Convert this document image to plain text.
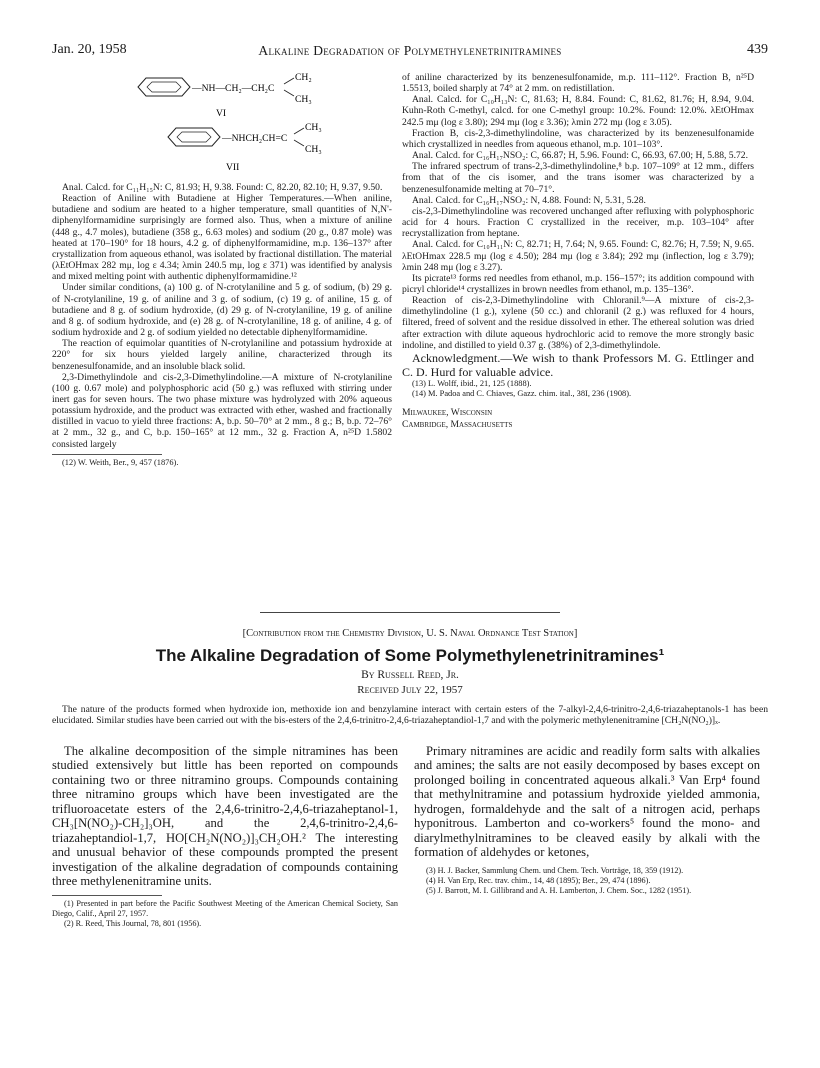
Jan. 20, 1958	Alkaline Degradation of Polymethylenetrinitramines	439
—NH—CH₂—CH₂C
CH₂
CH₃
VI
—NHCH₂CH=C
CH₃
CH₃
VII

Anal. Calcd. for C₁₁H₁₅N: C, 81.93; H, 9.38. Found: C, 82.20, 82.10; H, 9.37, 9.50.

Reaction of Aniline with Butadiene at Higher Temperatures.—When aniline, butadiene and sodium are heated to a higher temperature, small quantities of N,N'-diphenylformamidine surprisingly are formed also. Thus, when a mixture of aniline (448 g., 4.7 moles), butadiene (358 g., 6.63 moles) and sodium (20 g., 0.87 mole) was heated at 170–190° for 18 hours, 4.2 g. of diphenylformamidine, m.p. 136–137° after crystallization from aqueous ethanol, was isolated by fractional distillation. The material (λEtOHmax 282 mμ, log ε 4.34; λmin 240.5 mμ, log ε 371) was identified by analysis and mixed melting point with authentic diphenylformamidine.¹²

Under similar conditions, (a) 100 g. of N-crotylaniline and 5 g. of sodium, (b) 29 g. of N-crotylaniline, 19 g. of aniline and 3 g. of sodium, (c) 19 g. of aniline, 15 g. of butadiene and 8 g. of sodium hydroxide, (d) 29 g. of N-crotylaniline, 19 g. of aniline and 8 g. of sodium hydroxide, and (e) 28 g. of N-crotylaniline, 18 g. of aniline, 4 g. of sodium hydroxide and 2 g. of sodium yielded no detectable diphenylformamidine.

The reaction of equimolar quantities of N-crotylaniline and potassium hydroxide at 220° for six hours yielded largely aniline, characterized through its benzenesulfonamide, and an insoluble black solid.

2,3-Dimethylindole and cis-2,3-Dimethylindoline.—A mixture of N-crotylaniline (100 g. 0.67 mole) and polyphosphoric acid (50 g.) was refluxed with stirring under inert gas for seven hours. The two phase mixture was hydrolyzed with 20% aqueous potassium hydroxide, and the product was extracted with ether, washed and fractionally distilled in vacuo to yield three fractions: A, b.p. 50–70° at 2 mm., 8 g.; B, b.p. 72–76° at 2 mm., 32 g., and C, b.p. 150–165° at 12 mm., 32 g. Fraction A, n²⁵D 1.5802 consisted largely

(12) W. Weith, Ber., 9, 457 (1876).

of aniline characterized by its benzenesulfonamide, m.p. 111–112°. Fraction B, n²⁵D 1.5513, boiled sharply at 74° at 2 mm. on redistillation.

Anal. Calcd. for C₁₀H₁₃N: C, 81.63; H, 8.84. Found: C, 81.62, 81.76; H, 8.94, 9.04. Kuhn-Roth C-methyl, calcd. for one C-methyl group: 10.2%. Found: 12.0%. λEtOHmax 242.5 mμ (log ε 3.80); 294 mμ (log ε 3.36); λmin 272 mμ (log ε 3.05).

Fraction B, cis-2,3-dimethylindoline, was characterized by its benzenesulfonamide which crystallized in needles from aqueous ethanol, m.p. 101–103°.

Anal. Calcd. for C₁₆H₁₇NSO₂: C, 66.87; H, 5.96. Found: C, 66.93, 67.00; H, 5.88, 5.72.

The infrared spectrum of trans-2,3-dimethylindoline,⁸ b.p. 107–109° at 12 mm., differs from that of the cis isomer, and the trans isomer was characterized by a benzenesulfonamide melting at 70–71°.

Anal. Calcd. for C₁₆H₁₇NSO₂: N, 4.88. Found: N, 5.31, 5.28.

cis-2,3-Dimethylindoline was recovered unchanged after refluxing with polyphosphoric acid for 4 hours. Fraction C crystallized in the receiver, m.p. 103–104° after recrystallization from heptane.

Anal. Calcd. for C₁₀H₁₁N: C, 82.71; H, 7.64; N, 9.65. Found: C, 82.76; H, 7.59; N, 9.65. λEtOHmax 228.5 mμ (log ε 4.50); 284 mμ (log ε 3.84); 292 mμ (inflection, log ε 3.79); λmin 248 mμ (log ε 3.27).

Its picrate¹³ forms red needles from ethanol, m.p. 156–157°; its addition compound with picryl chloride¹⁴ crystallizes in brown needles from ethanol, m.p. 135–136°.

Reaction of cis-2,3-Dimethylindoline with Chloranil.⁹—A mixture of cis-2,3-dimethylindoline (1 g.), xylene (50 cc.) and chloranil (2 g.) was refluxed for 4 hours, filtered, freed of solvent and the residue dissolved in ether. The ethereal solution was dried after extraction with dilute aqueous hydrochloric acid to remove the more strongly basic indoline, and distilled to yield 0.37 g. (38%) of 2,3-dimethylindole.

Acknowledgment.—We wish to thank Professors M. G. Ettlinger and C. D. Hurd for valuable advice.

(13) L. Wolff, ibid., 21, 125 (1888).

(14) M. Padoa and C. Chiaves, Gazz. chim. ital., 38I, 236 (1908).

Milwaukee, Wisconsin
Cambridge, Massachusetts
[Contribution from the Chemistry Division, U. S. Naval Ordnance Test Station]
The Alkaline Degradation of Some Polymethylenetrinitramines¹
By Russell Reed, Jr.
Received July 22, 1957
The nature of the products formed when hydroxide ion, methoxide ion and benzylamine interact with certain esters of the 7-alkyl-2,4,6-trinitro-2,4,6-triazaheptanols-1 has been elucidated. Similar studies have been carried out with the bis-esters of the 2,4,6-trinitro-2,4,6-triazaheptandiol-1,7 and with the polymeric methylenenitramine [CH₂N(NO₂)]ₓ.

The alkaline decomposition of the simple nitramines has been studied extensively but little has been reported on compounds containing two or three nitramino groups. Compounds containing three nitramino groups which have been investigated are the trifluoroacetate esters of the 2,4,6-trinitro-2,4,6-triazaheptanol-1, CH₃[N(NO₂)-CH₂]₃OH, and the 2,4,6-trinitro-2,4,6-triazaheptandiol-1,7, HO[CH₂N(NO₂)]₃CH₂OH.² The interesting and unusual behavior of these compounds prompted the present investigation of the alkaline degradation of compounds containing three methylenenitramine units.

(1) Presented in part before the Pacific Southwest Meeting of the American Chemical Society, San Diego, Calif., April 27, 1957.

(2) R. Reed, This Journal, 78, 801 (1956).

Primary nitramines are acidic and readily form salts with alkalies and amines; the salts are not easily decomposed by bases except on prolonged boiling in concentrated aqueous alkali.³ Van Erp⁴ found that methylnitramine and potassium hydroxide yielded ammonia, hydrogen, formaldehyde and the salt of a nitrogen acid, perhaps hyponitrous. Lamberton and co-workers⁵ found the mono- and diarylmethylnitramines to be cleaved easily by alkali with the formation of aldehydes or ketones,

(3) H. J. Backer, Sammlung Chem. und Chem. Tech. Vorträge, 18, 359 (1912).

(4) H. Van Erp, Rec. trav. chim., 14, 48 (1895); Ber., 29, 474 (1896).

(5) J. Barrott, M. I. Gillibrand and A. H. Lamberton, J. Chem. Soc., 1282 (1951).
